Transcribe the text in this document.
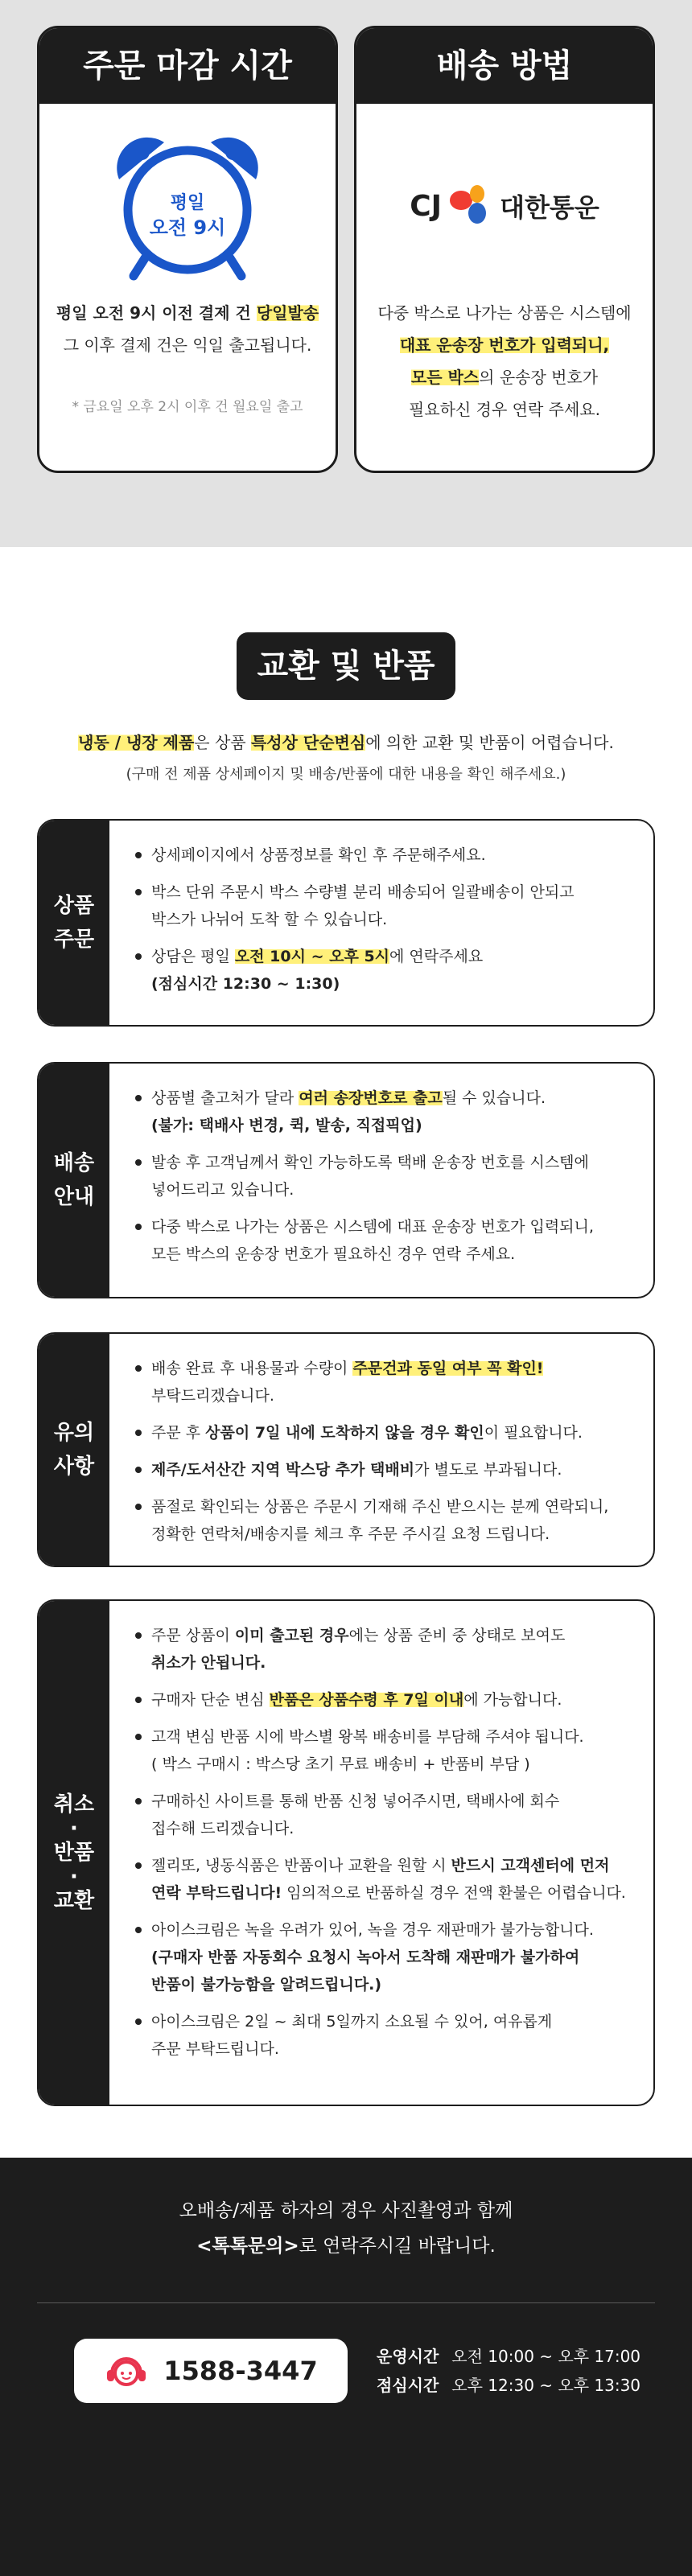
주문 마감 시간
평일
오전 9시
평일 오전 9시 이전 결제 건 당일발송
그 이후 결제 건은 익일 출고됩니다.
* 금요일 오후 2시 이후 건 월요일 출고
배송 방법
CJ 대한통운
다중 박스로 나가는 상품은 시스템에
대표 운송장 번호가 입력되니,
모든 박스의 운송장 번호가
필요하신 경우 연락 주세요.
교환 및 반품
냉동 / 냉장 제품은 상품 특성상 단순변심에 의한 교환 및 반품이 어렵습니다.
(구매 전 제품 상세페이지 및 배송/반품에 대한 내용을 확인 해주세요.)
상품
주문
상세페이지에서 상품정보를 확인 후 주문해주세요.
박스 단위 주문시 박스 수량별 분리 배송되어 일괄배송이 안되고
박스가 나뉘어 도착 할 수 있습니다.
상담은 평일 오전 10시 ~ 오후 5시에 연락주세요
(점심시간 12:30 ~ 1:30)
배송
안내
상품별 출고처가 달라 여러 송장번호로 출고될 수 있습니다.
(불가: 택배사 변경, 퀵, 발송, 직접픽업)
발송 후 고객님께서 확인 가능하도록 택배 운송장 번호를 시스템에
넣어드리고 있습니다.
다중 박스로 나가는 상품은 시스템에 대표 운송장 번호가 입력되니,
모든 박스의 운송장 번호가 필요하신 경우 연락 주세요.
유의
사항
배송 완료 후 내용물과 수량이 주문건과 동일 여부 꼭 확인!
부탁드리겠습니다.
주문 후 상품이 7일 내에 도착하지 않을 경우 확인이 필요합니다.
제주/도서산간 지역 박스당 추가 택배비가 별도로 부과됩니다.
품절로 확인되는 상품은 주문시 기재해 주신 받으시는 분께 연락되니,
정확한 연락처/배송지를 체크 후 주문 주시길 요청 드립니다.
취소
·
반품
·
교환
주문 상품이 이미 출고된 경우에는 상품 준비 중 상태로 보여도
취소가 안됩니다.
구매자 단순 변심 반품은 상품수령 후 7일 이내에 가능합니다.
고객 변심 반품 시에 박스별 왕복 배송비를 부담해 주셔야 됩니다.
( 박스 구매시 : 박스당 초기 무료 배송비 + 반품비 부담 )
구매하신 사이트를 통해 반품 신청 넣어주시면, 택배사에 회수
접수해 드리겠습니다.
젤리또, 냉동식품은 반품이나 교환을 원할 시 반드시 고객센터에 먼저
연락 부탁드립니다! 임의적으로 반품하실 경우 전액 환불은 어렵습니다.
아이스크림은 녹을 우려가 있어, 녹을 경우 재판매가 불가능합니다.
(구매자 반품 자동회수 요청시 녹아서 도착해 재판매가 불가하여
반품이 불가능함을 알려드립니다.)
아이스크림은 2일 ~ 최대 5일까지 소요될 수 있어, 여유롭게
주문 부탁드립니다.
오배송/제품 하자의 경우 사진촬영과 함께
<톡톡문의>로 연락주시길 바랍니다.
1588-3447	운영시간 오전 10:00 ~ 오후 17:00
점심시간 오후 12:30 ~ 오후 13:30
